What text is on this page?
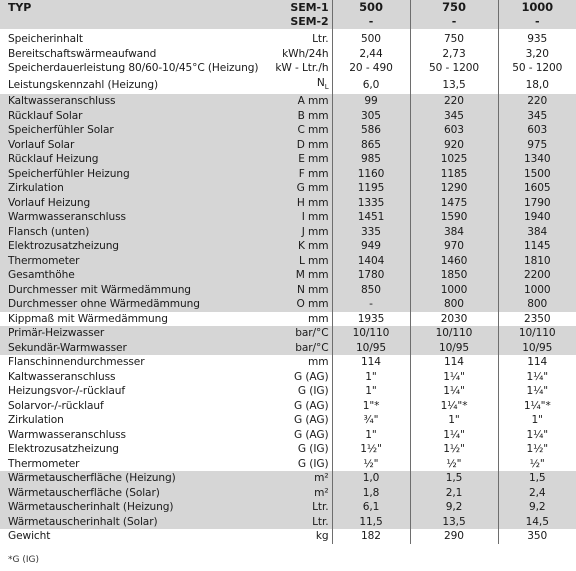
TYP	SEM-1	500	750	1000
	SEM-2	-	-	-

Speicherinhalt	Ltr.	500	750	935
Bereitschaftswärmeaufwand	kWh/24h	2,44	2,73	3,20
Speicherdauerleistung 80/60-10/45°C (Heizung)	kW - Ltr./h	20 - 490	50 - 1200	50 - 1200
Leistungskennzahl (Heizung)	$N_L$	6,0	13,5	18,0
Kaltwasseranschluss	A mm	99	220	220
Rücklauf Solar	B mm	305	345	345
Speicherfühler Solar	C mm	586	603	603
Vorlauf Solar	D mm	865	920	975
Rücklauf Heizung	E mm	985	1025	1340
Speicherfühler Heizung	F mm	1160	1185	1500
Zirkulation	G mm	1195	1290	1605
Vorlauf Heizung	H mm	1335	1475	1790
Warmwasseranschluss	I mm	1451	1590	1940
Flansch (unten)	J mm	335	384	384
Elektrozusatzheizung	K mm	949	970	1145
Thermometer	L mm	1404	1460	1810
Gesamthöhe	M mm	1780	1850	2200
Durchmesser mit Wärmedämmung	N mm	850	1000	1000
Durchmesser ohne Wärmedämmung	O mm	-	800	800
Kippmaß mit Wärmedämmung	mm	1935	2030	2350
Primär-Heizwasser	bar/°C	10/110	10/110	10/110
Sekundär-Warmwasser	bar/°C	10/95	10/95	10/95
Flanschinnendurchmesser	mm	114	114	114
Kaltwasseranschluss	G (AG)	1"	1¼"	1¼"
Heizungsvor-/-rücklauf	G (IG)	1"	1¼"	1¼"
Solarvor-/-rücklauf	G (AG)	1"*	1¼"*	1¼"*
Zirkulation	G (AG)	¾"	1"	1"
Warmwasseranschluss	G (AG)	1"	1¼"	1¼"
Elektrozusatzheizung	G (IG)	1½"	1½"	1½"
Thermometer	G (IG)	½"	½"	½"
Wärmetauscherfläche (Heizung)	m²	1,0	1,5	1,5
Wärmetauscherfläche (Solar)	m²	1,8	2,1	2,4
Wärmetauscherinhalt (Heizung)	Ltr.	6,1	9,2	9,2
Wärmetauscherinhalt (Solar)	Ltr.	11,5	13,5	14,5
Gewicht	kg	182	290	350
*G (IG)
